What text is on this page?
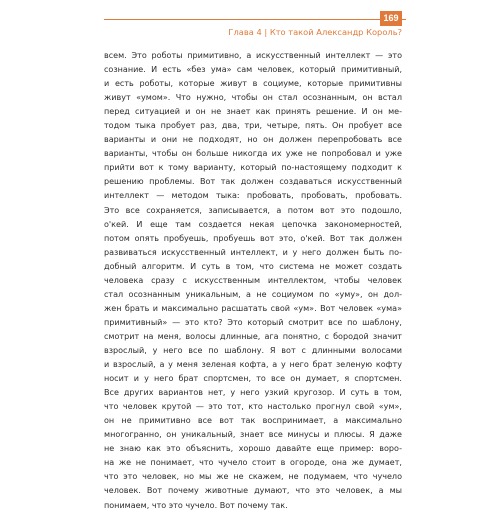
169
Глава 4 | Кто такой Александр Король?
всем. Это роботы примитивно, а искусственный интеллект — это
сознание. И есть «без ума» сам человек, который примитивный,
и есть роботы, которые живут в социуме, которые примитивны
живут «умом». Что нужно, чтобы он стал осознанным, он встал
перед ситуацией и он не знает как принять решение. И он ме-
тодом тыка пробует раз, два, три, четыре, пять. Он пробует все
варианты и они не подходят, но он должен перепробовать все
варианты, чтобы он больше никогда их уже не попробовал и уже
прийти вот к тому варианту, который по-настоящему подходит к
решению проблемы. Вот так должен создаваться искусственный
интеллект — методом тыка: пробовать, пробовать, пробовать.
Это все сохраняется, записывается, а потом вот это подошло,
о'кей. И еще там создается некая цепочка закономерностей,
потом опять пробуешь, пробуешь вот это, о'кей. Вот так должен
развиваться искусственный интеллект, и у него должен быть по-
добный алгоритм. И суть в том, что система не может создать
человека сразу с искусственным интеллектом, чтобы человек
стал осознанным уникальным, а не социумом по «уму», он дол-
жен брать и максимально расшатать свой «ум». Вот человек «ума»
примитивный» — это кто? Это который смотрит все по шаблону,
смотрит на меня, волосы длинные, ага понятно, с бородой значит
взрослый, у него все по шаблону. Я вот с длинными волосами
и взрослый, а у меня зеленая кофта, а у него брат зеленую кофту
носит и у него брат спортсмен, то все он думает, я спортсмен.
Все других вариантов нет, у него узкий кругозор. И суть в том,
что человек крутой — это тот, кто настолько прогнул свой «ум»,
он не примитивно все вот так воспринимает, а максимально
многогранно, он уникальный, знает все минусы и плюсы. Я даже
не знаю как это объяснить, хорошо давайте еще пример: ворo-
на же не понимает, что чучело стоит в огороде, она же думает,
что это человек, но мы же не скажем, не подумаем, что чучело
человек. Вот почему животные думают, что это человек, а мы
понимаем, что это чучело. Вот почему так.
